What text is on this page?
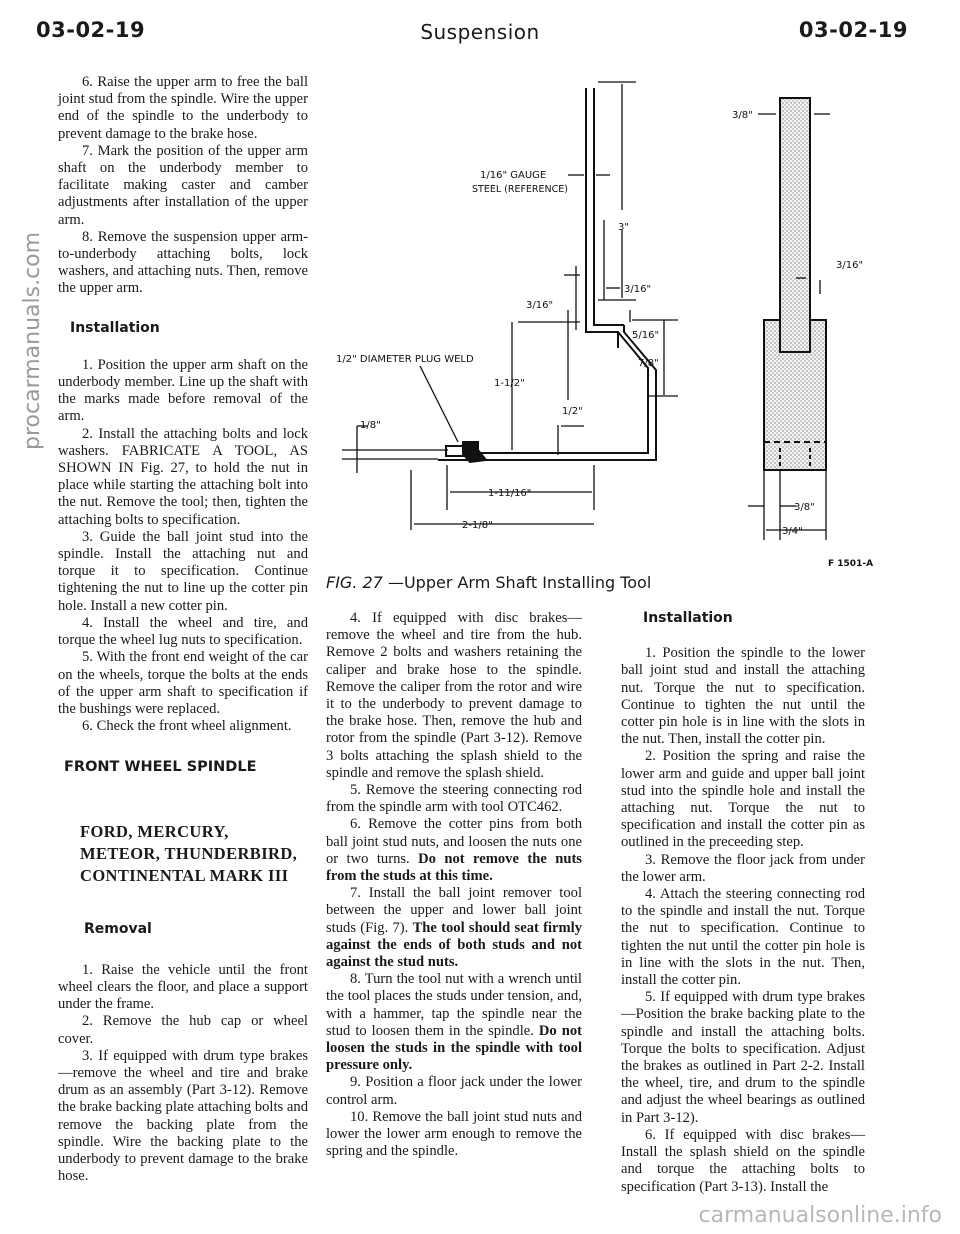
03-02-19	Suspension	03-02-19
procarmanuals.com

6. Raise the upper arm to free the ball joint stud from the spindle. Wire the upper end of the spindle to the underbody to prevent damage to the brake hose.

7. Mark the position of the upper arm shaft on the underbody member to facilitate making caster and camber adjustments after installation of the upper arm.

8. Remove the suspension upper arm-to-underbody attaching bolts, lock washers, and attaching nuts. Then, remove the upper arm.

Installation

1. Position the upper arm shaft on the underbody member. Line up the shaft with the marks made before removal of the arm.

2. Install the attaching bolts and lock washers. FABRICATE A TOOL, AS SHOWN IN Fig. 27, to hold the nut in place while starting the attaching bolt into the nut. Remove the tool; then, tighten the attaching bolts to specification.

3. Guide the ball joint stud into the spindle. Install the attaching nut and torque it to specification. Continue tightening the nut to line up the cotter pin hole. Install a new cotter pin.

4. Install the wheel and tire, and torque the wheel lug nuts to specification.

5. With the front end weight of the car on the wheels, torque the bolts at the ends of the upper arm shaft to specification if the bushings were replaced.

6. Check the front wheel alignment.

FRONT WHEEL SPINDLE
FORD, MERCURY,
METEOR, THUNDERBIRD,
CONTINENTAL MARK III
Removal

1. Raise the vehicle until the front wheel clears the floor, and place a support under the frame.

2. Remove the hub cap or wheel cover.

3. If equipped with drum type brakes—remove the wheel and tire and brake drum as an assembly (Part 3-12). Remove the brake backing plate attaching bolts and remove the backing plate from the spindle. Wire the backing plate to the underbody to prevent damage to the brake hose.

1/16" GAUGE
STEEL (REFERENCE)
3"
3/16"
3/16"
5/16"
7/8"
1/2" DIAMETER PLUG WELD
1-1/2"
1/2"
1/8"
1-11/16"
2-1/8"
3/8"
3/16"
3/8"
3/4"
F 1501-A
FIG. 27 —Upper Arm Shaft Installing Tool

4. If equipped with disc brakes—remove the wheel and tire from the hub. Remove 2 bolts and washers retaining the caliper and brake hose to the spindle. Remove the caliper from the rotor and wire it to the underbody to prevent damage to the brake hose. Then, remove the hub and rotor from the spindle (Part 3-12). Remove 3 bolts attaching the splash shield to the spindle and remove the splash shield.

5. Remove the steering connecting rod from the spindle arm with tool OTC462.

6. Remove the cotter pins from both ball joint stud nuts, and loosen the nuts one or two turns. Do not remove the nuts from the studs at this time.

7. Install the ball joint remover tool between the upper and lower ball joint studs (Fig. 7). The tool should seat firmly against the ends of both studs and not against the stud nuts.

8. Turn the tool nut with a wrench until the tool places the studs under tension, and, with a hammer, tap the spindle near the stud to loosen them in the spindle. Do not loosen the studs in the spindle with tool pressure only.

9. Position a floor jack under the lower control arm.

10. Remove the ball joint stud nuts and lower the lower arm enough to remove the spring and the spindle.

Installation

1. Position the spindle to the lower ball joint stud and install the attaching nut. Torque the nut to specification. Continue to tighten the nut until the cotter pin hole is in line with the slots in the nut. Then, install the cotter pin.

2. Position the spring and raise the lower arm and guide and upper ball joint stud into the spindle hole and install the attaching nut. Torque the nut to specification and install the cotter pin as outlined in the preceeding step.

3. Remove the floor jack from under the lower arm.

4. Attach the steering connecting rod to the spindle and install the nut. Torque the nut to specification. Continue to tighten the nut until the cotter pin hole is in line with the slots in the nut. Then, install the cotter pin.

5. If equipped with drum type brakes—Position the brake backing plate to the spindle and install the attaching bolts. Torque the bolts to specification. Adjust the brakes as outlined in Part 2-2. Install the wheel, tire, and drum to the spindle and adjust the wheel bearings as outlined in Part 3-12).

6. If equipped with disc brakes—Install the splash shield on the spindle and torque the attaching bolts to specification (Part 3-13). Install the

carmanualsonline.info
